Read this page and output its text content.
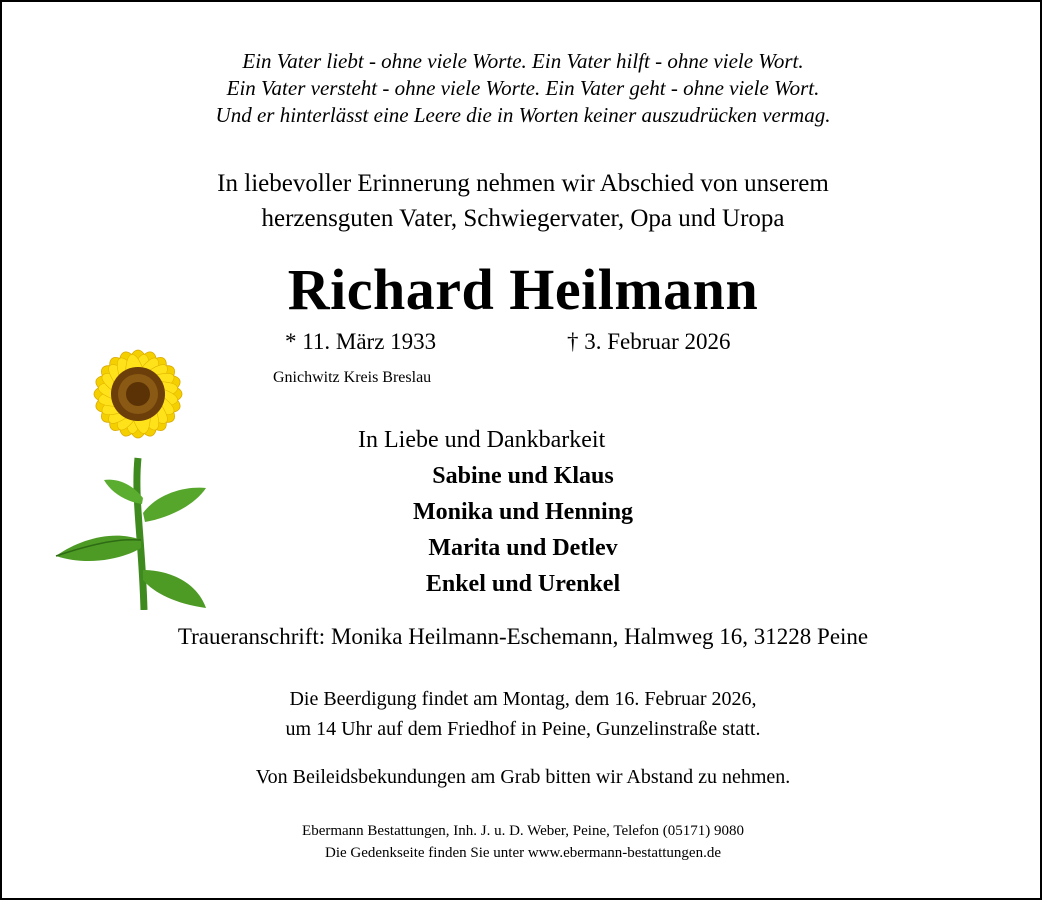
Ein Vater liebt - ohne viele Worte. Ein Vater hilft - ohne viele Wort.
Ein Vater versteht - ohne viele Worte. Ein Vater geht - ohne viele Wort.
Und er hinterlässt eine Leere die in Worten keiner auszudrücken vermag.
In liebevoller Erinnerung nehmen wir Abschied von unserem
herzensguten Vater, Schwiegervater, Opa und Uropa
Richard Heilmann
* 11. März 1933	† 3. Februar 2026
Gnichwitz Kreis Breslau
In Liebe und Dankbarkeit
Sabine und Klaus
Monika und Henning
Marita und Detlev
Enkel und Urenkel
Traueranschrift: Monika Heilmann-Eschemann, Halmweg 16, 31228 Peine
Die Beerdigung findet am Montag, dem 16. Februar 2026,
um 14 Uhr auf dem Friedhof in Peine, Gunzelinstraße statt.
Von Beileidsbekundungen am Grab bitten wir Abstand zu nehmen.
Ebermann Bestattungen, Inh. J. u. D. Weber, Peine, Telefon (05171) 9080
Die Gedenkseite finden Sie unter www.ebermann-bestattungen.de
